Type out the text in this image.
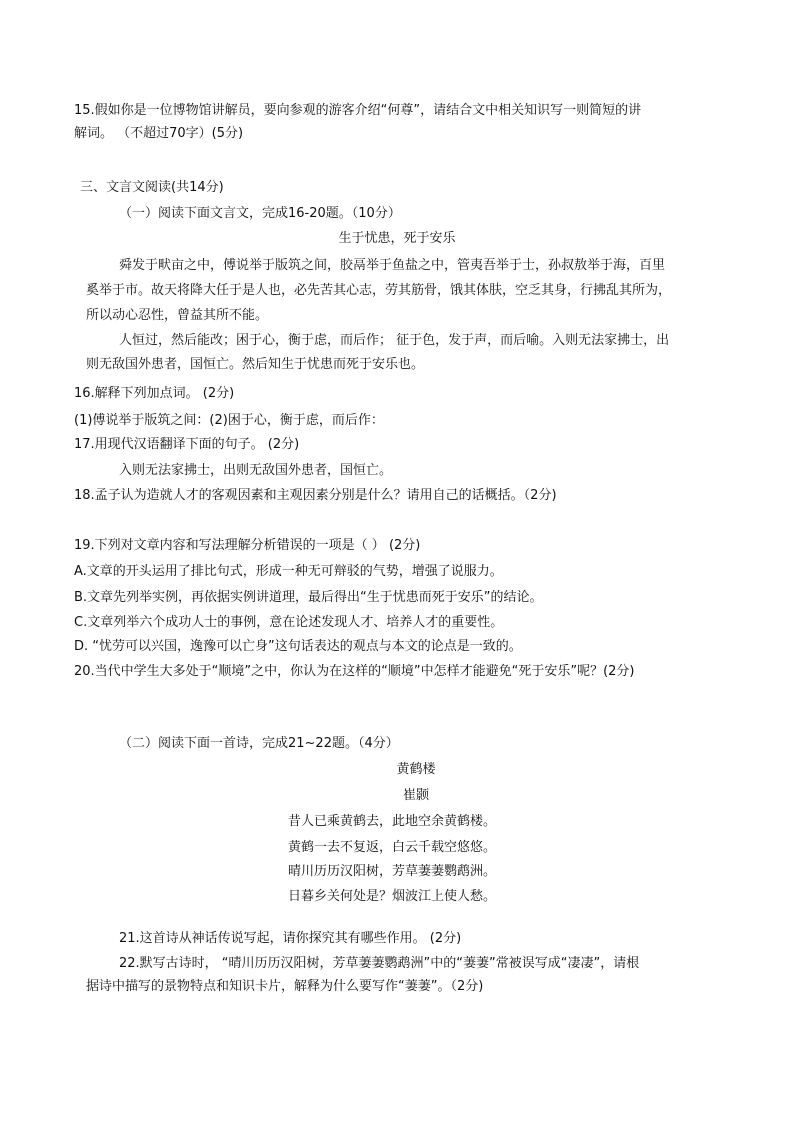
15.假如你是一位博物馆讲解员，要向参观的游客介绍“何尊”，请结合文中相关知识写一则简短的讲
解词。 （不超过70字）(5分)
三、文言文阅读(共14分)
（一）阅读下面文言文，完成16-20题。（10分）
生于忧患，死于安乐
舜发于畎亩之中，傅说举于版筑之间，胶鬲举于鱼盐之中，管夷吾举于士，孙叔敖举于海，百里
奚举于市。故天将降大任于是人也，必先苦其心志，劳其筋骨，饿其体肤，空乏其身，行拂乱其所为，
所以动心忍性，曾益其所不能。
人恒过，然后能改；困于心，衡于虑，而后作； 征于色，发于声，而后喻。入则无法家拂士，出
则无敌国外患者，国恒亡。然后知生于忧患而死于安乐也。
16.解释下列加点词。 (2分)
(1)傅说举于版筑之间：(2)困于心，衡于虑，而后作：
17.用现代汉语翻译下面的句子。 (2分)
入则无法家拂士，出则无敌国外患者，国恒亡。
18.孟子认为造就人才的客观因素和主观因素分别是什么？请用自己的话概括。（2分)
19.下列对文章内容和写法理解分析错误的一项是（ ） (2分)
A.文章的开头运用了排比句式，形成一种无可辩驳的气势，增强了说服力。
B.文章先列举实例，再依据实例讲道理，最后得出“生于忧患而死于安乐”的结论。
C.文章列举六个成功人士的事例，意在论述发现人才、培养人才的重要性。
D. “忧劳可以兴国，逸豫可以亡身”这句话表达的观点与本文的论点是一致的。
20.当代中学生大多处于“顺境”之中，你认为在这样的“顺境”中怎样才能避免“死于安乐”呢？(2分)
（二）阅读下面一首诗，完成21~22题。（4分）
黄鹤楼
崔颢
昔人已乘黄鹤去，此地空余黄鹤楼。
黄鹤一去不复返，白云千载空悠悠。
晴川历历汉阳树，芳草萋萋鹦鹉洲。
日暮乡关何处是？烟波江上使人愁。
21.这首诗从神话传说写起，请你探究其有哪些作用。 (2分)
22.默写古诗时， “晴川历历汉阳树，芳草萋萋鹦鹉洲”中的“萋萋”常被误写成“凄凄”，请根
据诗中描写的景物特点和知识卡片，解释为什么要写作“萋萋”。（2分)
